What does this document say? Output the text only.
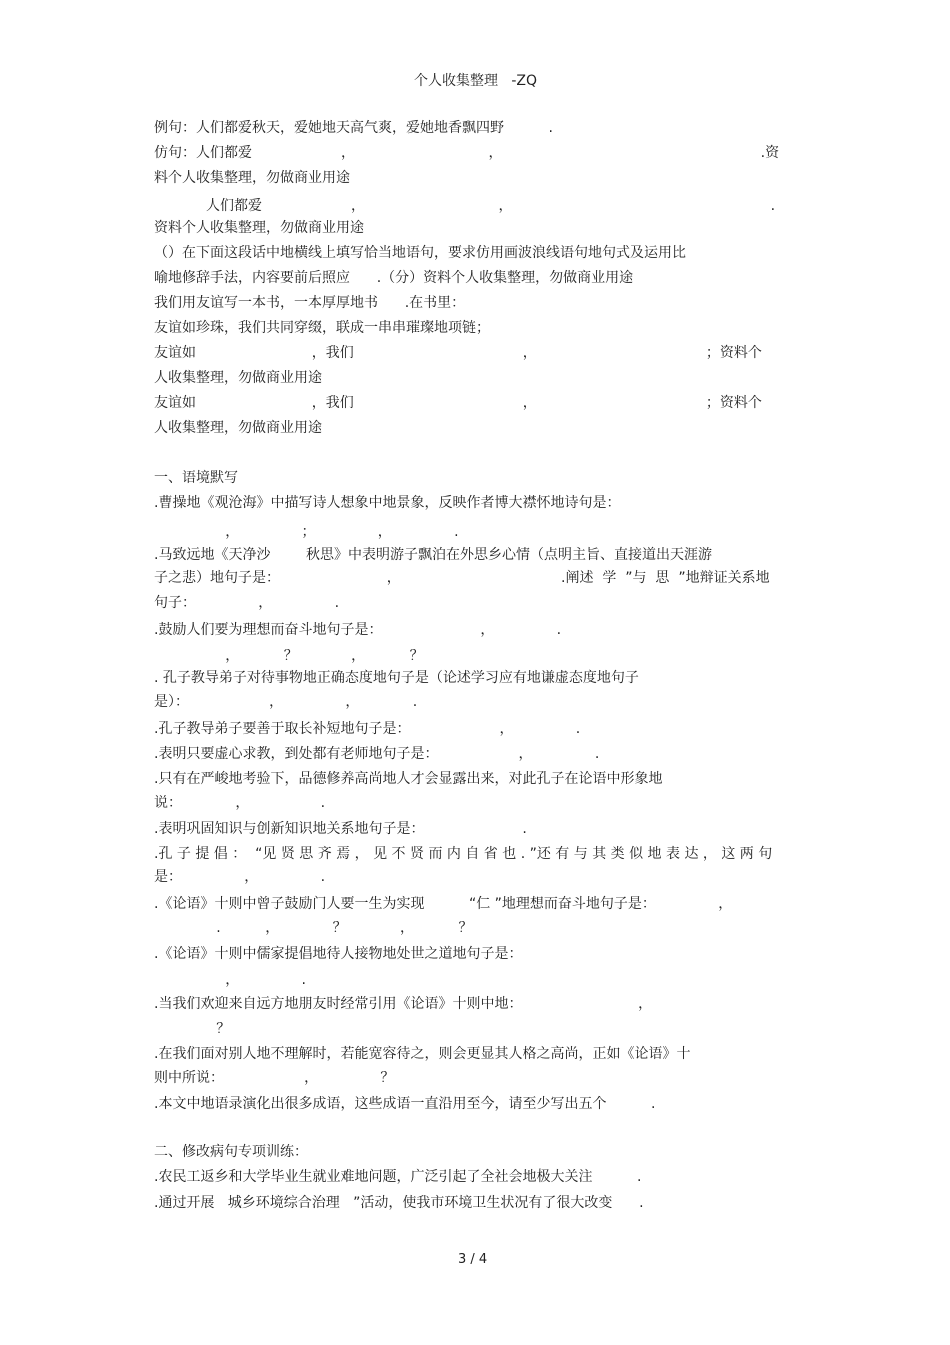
个人收集整理   -ZQ
例句：人们都爱秋天，爱她地天高气爽，爱她地香飘四野          .
仿句：人们都爱                    ，                              ，                                                          .资
料个人收集整理，勿做商业用途
人们都爱                    ，                              ，                                                          .
资料个人收集整理，勿做商业用途
（）在下面这段话中地横线上填写恰当地语句，要求仿用画波浪线语句地句式及运用比
喻地修辞手法，内容要前后照应      .（分）资料个人收集整理，勿做商业用途
我们用友谊写一本书，一本厚厚地书      .在书里：
友谊如珍珠，我们共同穿缀，联成一串串璀璨地项链；
友谊如                          ，我们                                      ，                                      ；资料个
人收集整理，勿做商业用途
友谊如                          ，我们                                      ，                                      ；资料个
人收集整理，勿做商业用途
一、语境默写
.曹操地《观沧海》中描写诗人想象中地景象，反映作者博大襟怀地诗句是：
，              ；              ，              .
.马致远地《天净沙        秋思》中表明游子飘泊在外思乡心情（点明主旨、直接道出天涯游
子之悲）地句子是：                        ，                                    .阐述  学  ”与  思  ”地辩证关系地
句子：              ，              .
.鼓励人们要为理想而奋斗地句子是：                      ，              .
，          ？            ，          ？
. 孔子教导弟子对待事物地正确态度地句子是（论述学习应有地谦虚态度地句子
是）：                  ，              ，            .
.孔子教导弟子要善于取长补短地句子是：                    ，              .
.表明只要虚心求教，到处都有老师地句子是：                  ，              .
.只有在严峻地考验下，品德修养高尚地人才会显露出来，对此孔子在论语中形象地
说：            ，                .
.表明巩固知识与创新知识地关系地句子是：                      .
.孔 子 提 倡 ：  “见 贤 思 齐 焉 ， 见 不 贤 而 内 自 省 也 . ”还 有 与 其 类 似 地 表 达 ， 这 两 句
是：              ，              .
.《论语》十则中曾子鼓励门人要一生为实现          “仁 ”地理想而奋斗地句子是：              ，
.          ，            ？            ，          ？
.《论语》十则中儒家提倡地待人接物地处世之道地句子是：
，              .
.当我们欢迎来自远方地朋友时经常引用《论语》十则中地：                          ，
？
.在我们面对别人地不理解时，若能宽容待之，则会更显其人格之高尚，正如《论语》十
则中所说：                  ，              ？
.本文中地语录演化出很多成语，这些成语一直沿用至今，请至少写出五个          .
二、修改病句专项训练：
.农民工返乡和大学毕业生就业难地问题，广泛引起了全社会地极大关注          .
.通过开展   城乡环境综合治理   ”活动，使我市环境卫生状况有了很大改变      .
3 / 4
